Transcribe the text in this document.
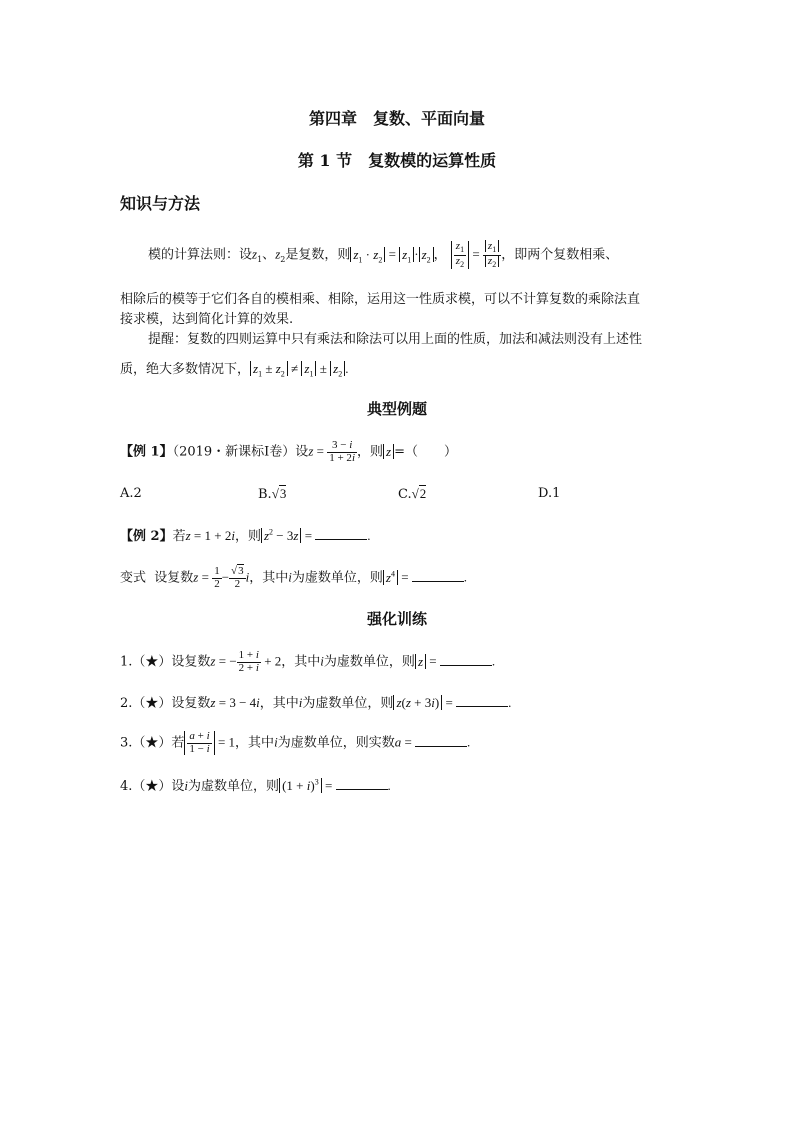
第四章　复数、平面向量
第 1 节　复数模的运算性质
知识与方法
模的计算法则：设$z_1$、$z_2$是复数，则 $z_1 \cdot z_2 = z_1 \cdot z_2$ ， $\frac{z_1}{z_2} = \frac{z_1}{z_2}$ ，即两个复数相乘、
相除后的模等于它们各自的模相乘、相除，运用这一性质求模，可以不计算复数的乘除法直
接求模，达到简化计算的效果.
提醒：复数的四则运算中只有乘法和除法可以用上面的性质，加法和减法则没有上述性
质，绝大多数情况下， $z_1 \pm z_2 \ne z_1 \pm z_2$ .
典型例题
【例 1】（2019・新课标Ⅰ卷）设$z = \frac{3 - i}{1 + 2i}$ ，则 z =（　　）
A.2	B.√3	C.√2	D.1
【例 2】若z = 1 + 2i，则 $z^2 - 3z$ =	.
变式 设复数$z = \frac{1}{2} - \frac{√3}{2}$ i，其中i为虚数单位，则 $z^4$ =	.
强化训练
1.（★）设复数z = − $\frac{1 + i}{2 + i} + 2$，其中i为虚数单位，则 z =	.
2.（★）设复数z = 3 − 4i，其中i为虚数单位，则 z(z + 3i) =	.
3.（★）若 $\frac{a + i}{1 - i} = 1$，其中i为虚数单位，则实数a =	.
4.（★）设i为虚数单位，则 $(1 + i)^3$ =	.
